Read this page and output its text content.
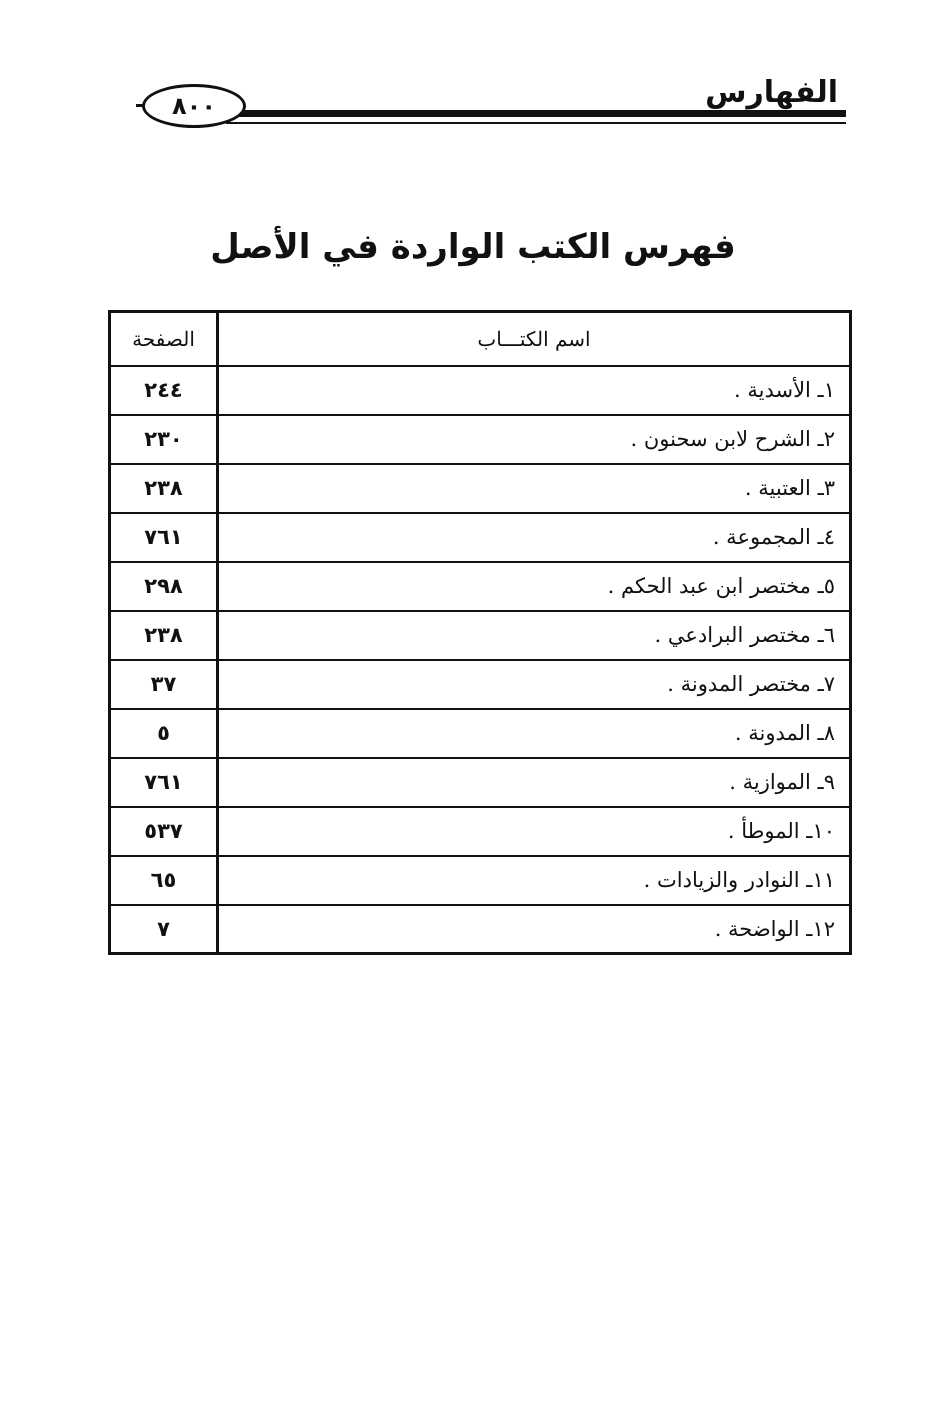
٨٠٠	الفهارس
فهرس الكتب الواردة في الأصل
اسم الكتـــاب	الصفحة
١ـ الأسدية .	٢٤٤
٢ـ الشرح لابن سحنون .	٢٣٠
٣ـ العتبية .	٢٣٨
٤ـ المجموعة .	٧٦١
٥ـ مختصر ابن عبد الحكم .	٢٩٨
٦ـ مختصر البرادعي .	٢٣٨
٧ـ مختصر المدونة .	٣٧
٨ـ المدونة .	٥
٩ـ الموازية .	٧٦١
١٠ـ الموطأ .	٥٣٧
١١ـ النوادر والزيادات .	٦٥
١٢ـ الواضحة .	٧
